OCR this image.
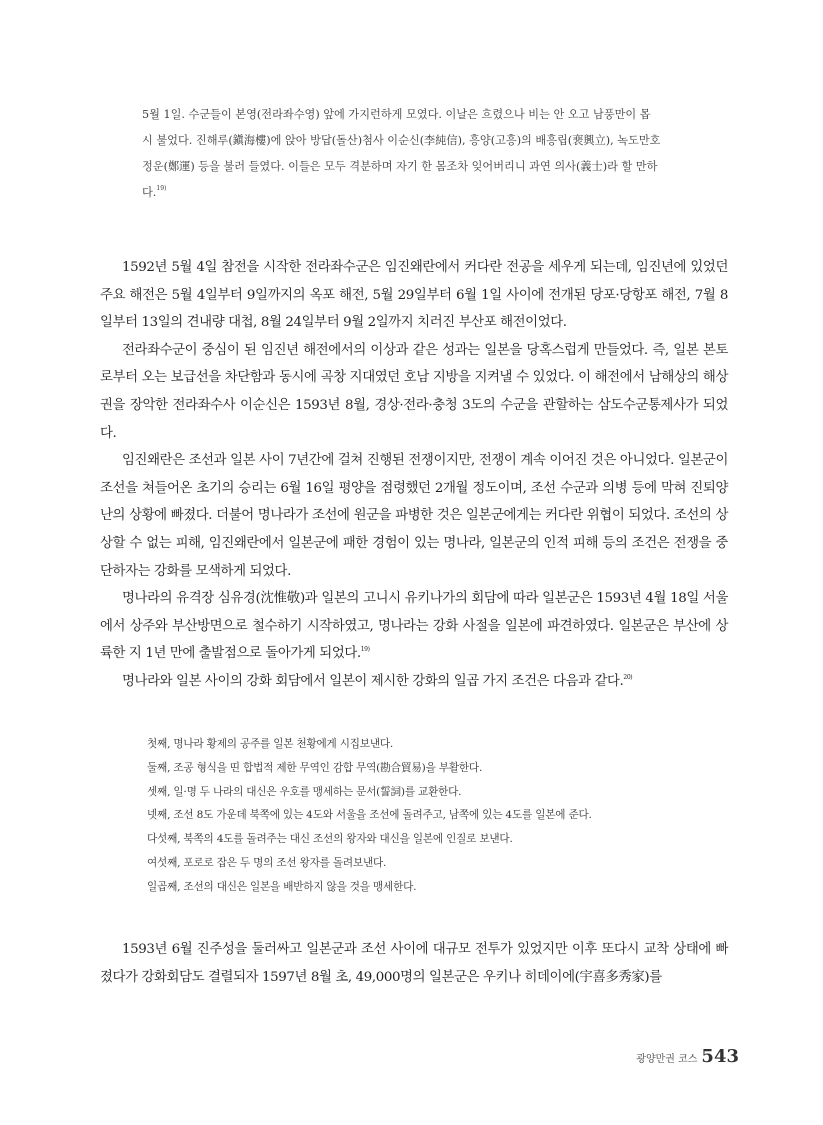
5월 1일. 수군들이 본영(전라좌수영) 앞에 가지런하게 모였다. 이날은 흐렸으나 비는 안 오고 남풍만이 몹
시 불었다. 진해루(鎭海樓)에 앉아 방답(돌산)첨사 이순신(李純信), 흥양(고흥)의 배흥립(裵興立), 녹도만호
정운(鄭運) 등을 불러 들였다. 이들은 모두 격분하며 자기 한 몸조차 잊어버리니 과연 의사(義士)라 할 만하
다.$^{19)}$

1592년 5월 4일 참전을 시작한 전라좌수군은 임진왜란에서 커다란 전공을 세우게 되는데, 임진년에 있었던 주요 해전은 5월 4일부터 9일까지의 옥포 해전, 5월 29일부터 6월 1일 사이에 전개된 당포·당항포 해전, 7월 8일부터 13일의 견내량 대첩, 8월 24일부터 9월 2일까지 치러진 부산포 해전이었다.

전라좌수군이 중심이 된 임진년 해전에서의 이상과 같은 성과는 일본을 당혹스럽게 만들었다. 즉, 일본 본토로부터 오는 보급선을 차단함과 동시에 곡창 지대였던 호남 지방을 지켜낼 수 있었다. 이 해전에서 남해상의 해상권을 장악한 전라좌수사 이순신은 1593년 8월, 경상·전라·충청 3도의 수군을 관할하는 삼도수군통제사가 되었다.

임진왜란은 조선과 일본 사이 7년간에 걸쳐 진행된 전쟁이지만, 전쟁이 계속 이어진 것은 아니었다. 일본군이 조선을 쳐들어온 초기의 승리는 6월 16일 평양을 점령했던 2개월 정도이며, 조선 수군과 의병 등에 막혀 진퇴양난의 상황에 빠졌다. 더불어 명나라가 조선에 원군을 파병한 것은 일본군에게는 커다란 위협이 되었다. 조선의 상상할 수 없는 피해, 임진왜란에서 일본군에 패한 경험이 있는 명나라, 일본군의 인적 피해 등의 조건은 전쟁을 중단하자는 강화를 모색하게 되었다.

명나라의 유격장 심유경(沈惟敬)과 일본의 고니시 유키나가의 회담에 따라 일본군은 1593년 4월 18일 서울에서 상주와 부산방면으로 철수하기 시작하였고, 명나라는 강화 사절을 일본에 파견하였다. 일본군은 부산에 상륙한 지 1년 만에 출발점으로 돌아가게 되었다.$^{19)}$

명나라와 일본 사이의 강화 회담에서 일본이 제시한 강화의 일곱 가지 조건은 다음과 같다.$^{20)}$

첫째, 명나라 황제의 공주를 일본 천황에게 시집보낸다.
둘째, 조공 형식을 띤 합법적 제한 무역인 감합 무역(勘合貿易)을 부활한다.
셋째, 일·명 두 나라의 대신은 우호를 맹세하는 문서(誓詞)를 교환한다.
넷째, 조선 8도 가운데 북쪽에 있는 4도와 서울을 조선에 돌려주고, 남쪽에 있는 4도를 일본에 준다.
다섯째, 북쪽의 4도를 돌려주는 대신 조선의 왕자와 대신을 일본에 인질로 보낸다.
여섯째, 포로로 잡은 두 명의 조선 왕자를 돌려보낸다.
일곱째, 조선의 대신은 일본을 배반하지 않을 것을 맹세한다.

1593년 6월 진주성을 둘러싸고 일본군과 조선 사이에 대규모 전투가 있었지만 이후 또다시 교착 상태에 빠졌다가 강화회담도 결렬되자 1597년 8월 초, 49,000명의 일본군은 우키나 히데이에(宇喜多秀家)를

광양만권 코스 543
